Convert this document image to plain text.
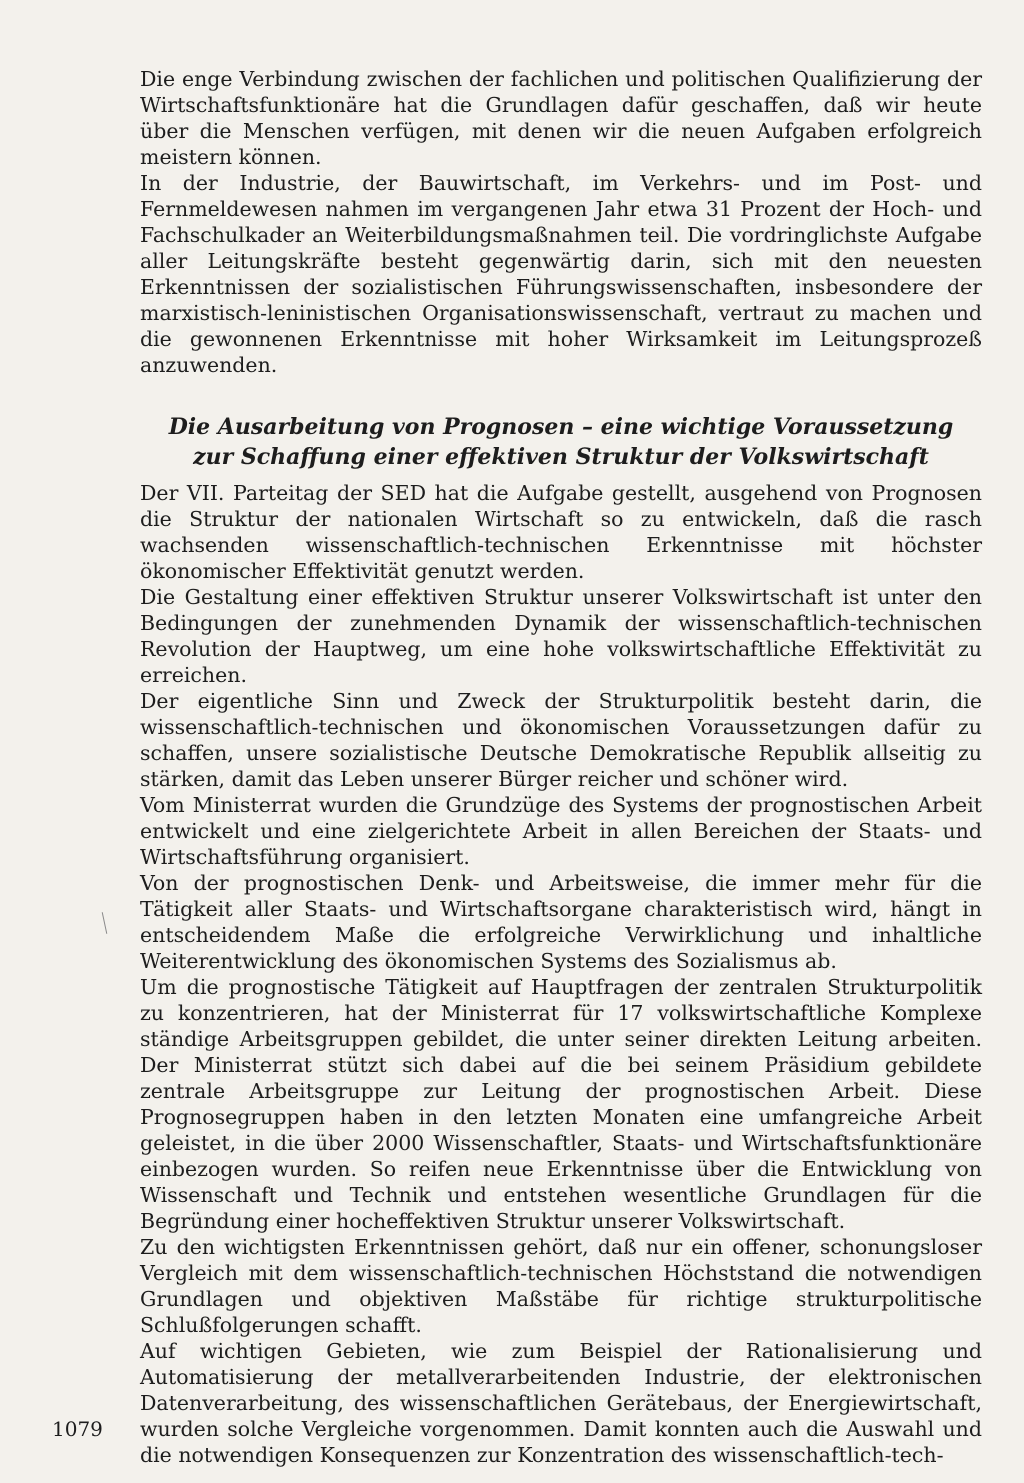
Die enge Verbindung zwischen der fachlichen und politischen Qualifizierung der Wirtschaftsfunktionäre hat die Grundlagen dafür geschaffen, daß wir heute über die Menschen verfügen, mit denen wir die neuen Aufgaben erfolgreich meistern können.

In der Industrie, der Bauwirtschaft, im Verkehrs- und im Post- und Fernmeldewesen nahmen im vergangenen Jahr etwa 31 Prozent der Hoch- und Fachschulkader an Weiterbildungsmaßnahmen teil. Die vordringlichste Aufgabe aller Leitungskräfte besteht gegenwärtig darin, sich mit den neuesten Erkenntnissen der sozialistischen Führungswissenschaften, insbesondere der marxistisch-leninistischen Organisationswissenschaft, vertraut zu machen und die gewonnenen Erkenntnisse mit hoher Wirksamkeit im Leitungsprozeß anzuwenden.

Die Ausarbeitung von Prognosen – eine wichtige Voraussetzung
zur Schaffung einer effektiven Struktur der Volkswirtschaft

Der VII. Parteitag der SED hat die Aufgabe gestellt, ausgehend von Prognosen die Struktur der nationalen Wirtschaft so zu entwickeln, daß die rasch wachsenden wissenschaftlich-technischen Erkenntnisse mit höchster ökonomischer Effektivität genutzt werden.

Die Gestaltung einer effektiven Struktur unserer Volkswirtschaft ist unter den Bedingungen der zunehmenden Dynamik der wissenschaftlich-technischen Revolution der Hauptweg, um eine hohe volkswirtschaftliche Effektivität zu erreichen.

Der eigentliche Sinn und Zweck der Strukturpolitik besteht darin, die wissenschaftlich-technischen und ökonomischen Voraussetzungen dafür zu schaffen, unsere sozialistische Deutsche Demokratische Republik allseitig zu stärken, damit das Leben unserer Bürger reicher und schöner wird.

Vom Ministerrat wurden die Grundzüge des Systems der prognostischen Arbeit entwickelt und eine zielgerichtete Arbeit in allen Bereichen der Staats- und Wirtschaftsführung organisiert.

Von der prognostischen Denk- und Arbeitsweise, die immer mehr für die Tätigkeit aller Staats- und Wirtschaftsorgane charakteristisch wird, hängt in entscheidendem Maße die erfolgreiche Verwirklichung und inhaltliche Weiterentwicklung des ökonomischen Systems des Sozialismus ab.

Um die prognostische Tätigkeit auf Hauptfragen der zentralen Strukturpolitik zu konzentrieren, hat der Ministerrat für 17 volkswirtschaftliche Komplexe ständige Arbeitsgruppen gebildet, die unter seiner direkten Leitung arbeiten. Der Ministerrat stützt sich dabei auf die bei seinem Präsidium gebildete zentrale Arbeitsgruppe zur Leitung der prognostischen Arbeit. Diese Prognosegruppen haben in den letzten Monaten eine umfangreiche Arbeit geleistet, in die über 2000 Wissenschaftler, Staats- und Wirtschaftsfunktionäre einbezogen wurden. So reifen neue Erkenntnisse über die Entwicklung von Wissenschaft und Technik und entstehen wesentliche Grundlagen für die Begründung einer hocheffektiven Struktur unserer Volkswirtschaft.

Zu den wichtigsten Erkenntnissen gehört, daß nur ein offener, schonungsloser Vergleich mit dem wissenschaftlich-technischen Höchststand die notwendigen Grundlagen und objektiven Maßstäbe für richtige strukturpolitische Schlußfolgerungen schafft.

Auf wichtigen Gebieten, wie zum Beispiel der Rationalisierung und Automatisierung der metallverarbeitenden Industrie, der elektronischen Datenverarbeitung, des wissenschaftlichen Gerätebaus, der Energiewirtschaft, wurden solche Vergleiche vorgenommen. Damit konnten auch die Auswahl und die notwendigen Konsequenzen zur Konzentration des wissenschaftlich-tech-

1079
